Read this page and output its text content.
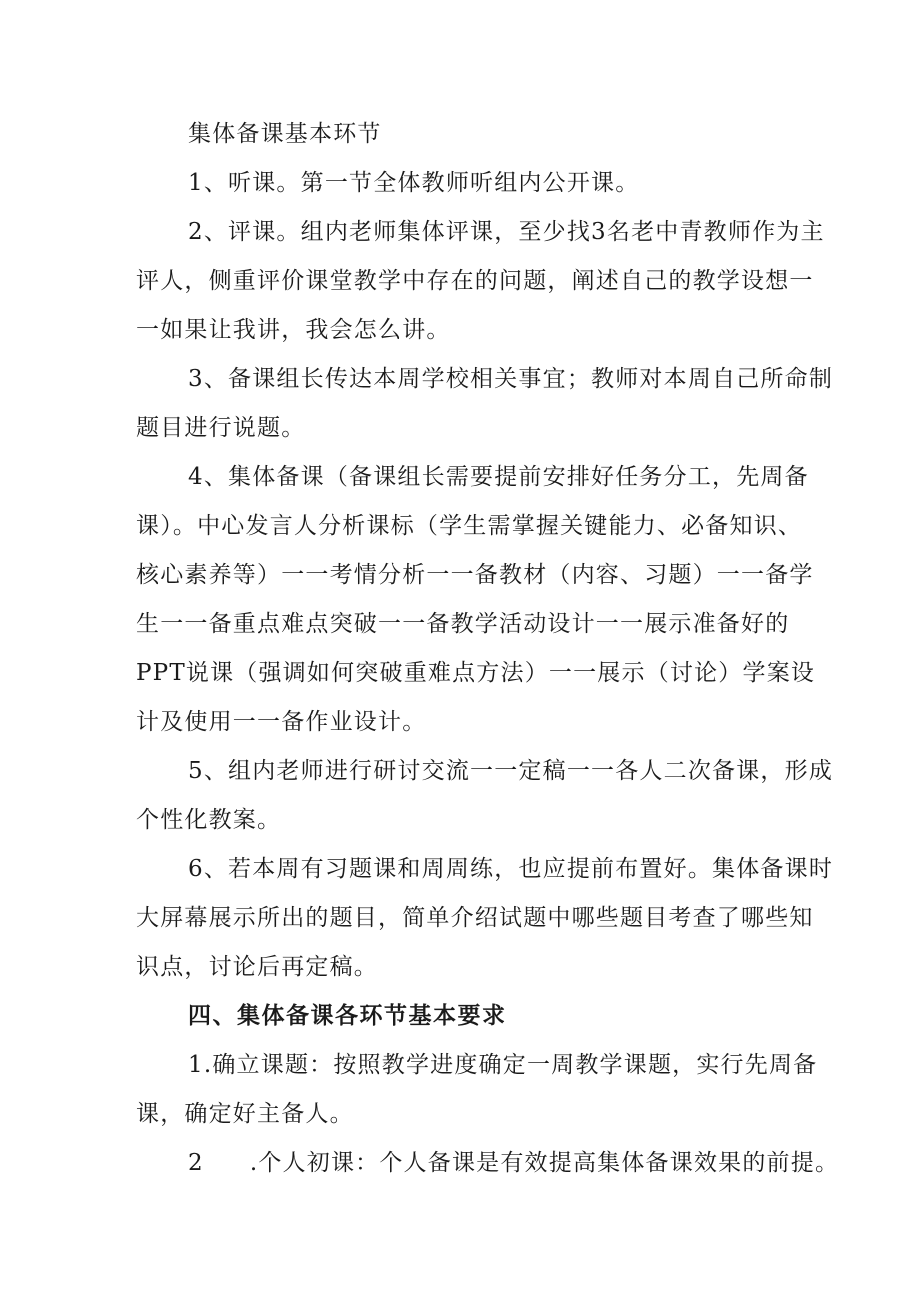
集体备课基本环节
1、听课。第一节全体教师听组内公开课。
2、评课。组内老师集体评课，至少找3名老中青教师作为主
评人，侧重评价课堂教学中存在的问题，阐述自己的教学设想一
一如果让我讲，我会怎么讲。
3、备课组长传达本周学校相关事宜；教师对本周自己所命制
题目进行说题。
4、集体备课（备课组长需要提前安排好任务分工，先周备
课）。中心发言人分析课标（学生需掌握关键能力、必备知识、
核心素养等）一一考情分析一一备教材（内容、习题）一一备学
生一一备重点难点突破一一备教学活动设计一一展示准备好的
PPT说课（强调如何突破重难点方法）一一展示（讨论）学案设
计及使用一一备作业设计。
5、组内老师进行研讨交流一一定稿一一各人二次备课，形成
个性化教案。
6、若本周有习题课和周周练，也应提前布置好。集体备课时
大屏幕展示所出的题目，简单介绍试题中哪些题目考查了哪些知
识点，讨论后再定稿。
四、集体备课各环节基本要求
1.确立课题：按照教学进度确定一周教学课题，实行先周备
课，确定好主备人。
2 .个人初课：个人备课是有效提高集体备课效果的前提。
